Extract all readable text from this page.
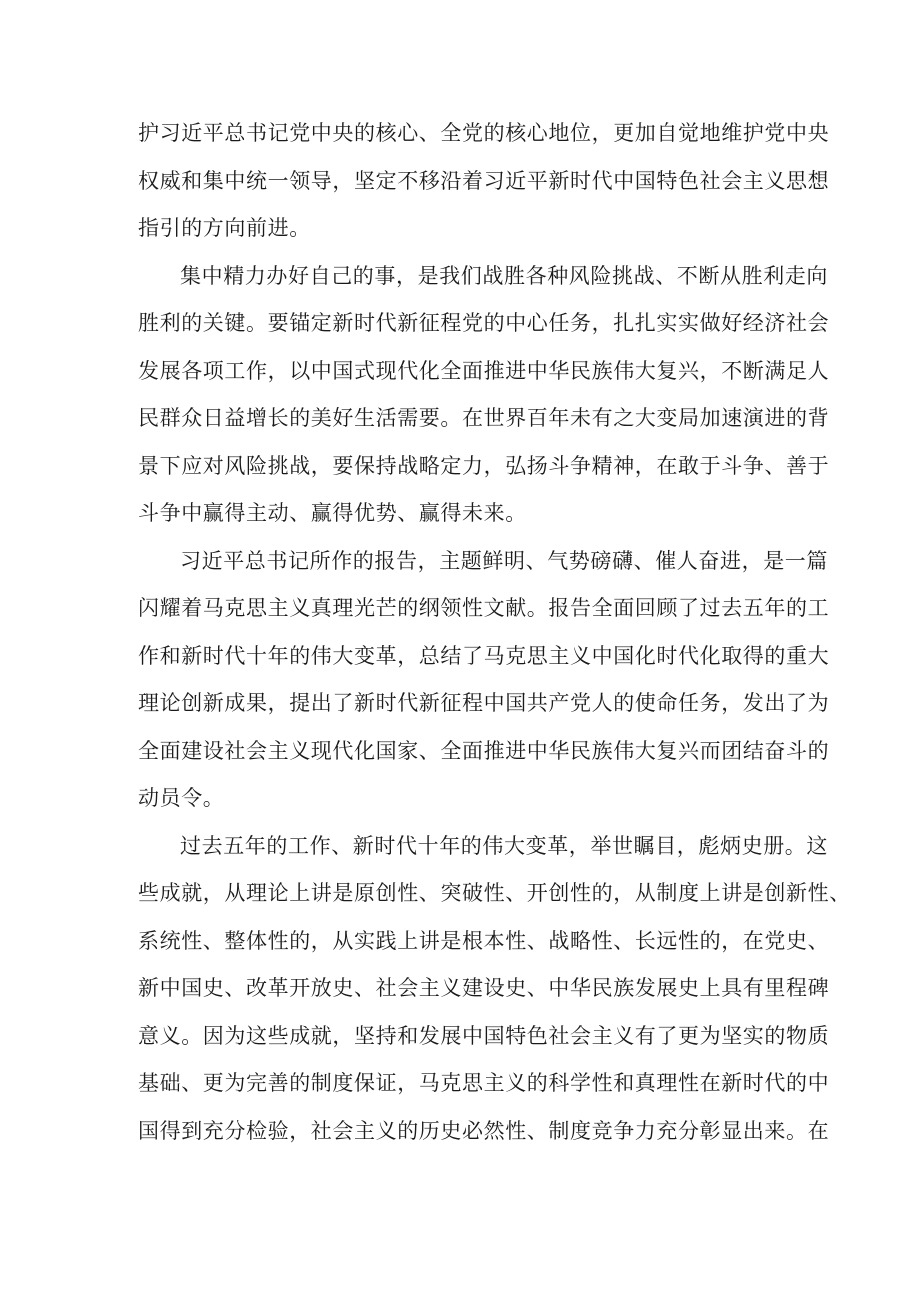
护习近平总书记党中央的核心、全党的核心地位，更加自觉地维护党中央
权威和集中统一领导，坚定不移沿着习近平新时代中国特色社会主义思想
指引的方向前进。
集中精力办好自己的事，是我们战胜各种风险挑战、不断从胜利走向
胜利的关键。要锚定新时代新征程党的中心任务，扎扎实实做好经济社会
发展各项工作，以中国式现代化全面推进中华民族伟大复兴，不断满足人
民群众日益增长的美好生活需要。在世界百年未有之大变局加速演进的背
景下应对风险挑战，要保持战略定力，弘扬斗争精神，在敢于斗争、善于
斗争中赢得主动、赢得优势、赢得未来。
习近平总书记所作的报告，主题鲜明、气势磅礴、催人奋进，是一篇
闪耀着马克思主义真理光芒的纲领性文献。报告全面回顾了过去五年的工
作和新时代十年的伟大变革，总结了马克思主义中国化时代化取得的重大
理论创新成果，提出了新时代新征程中国共产党人的使命任务，发出了为
全面建设社会主义现代化国家、全面推进中华民族伟大复兴而团结奋斗的
动员令。
过去五年的工作、新时代十年的伟大变革，举世瞩目，彪炳史册。这
些成就，从理论上讲是原创性、突破性、开创性的，从制度上讲是创新性、
系统性、整体性的，从实践上讲是根本性、战略性、长远性的，在党史、
新中国史、改革开放史、社会主义建设史、中华民族发展史上具有里程碑
意义。因为这些成就，坚持和发展中国特色社会主义有了更为坚实的物质
基础、更为完善的制度保证，马克思主义的科学性和真理性在新时代的中
国得到充分检验，社会主义的历史必然性、制度竞争力充分彰显出来。在
